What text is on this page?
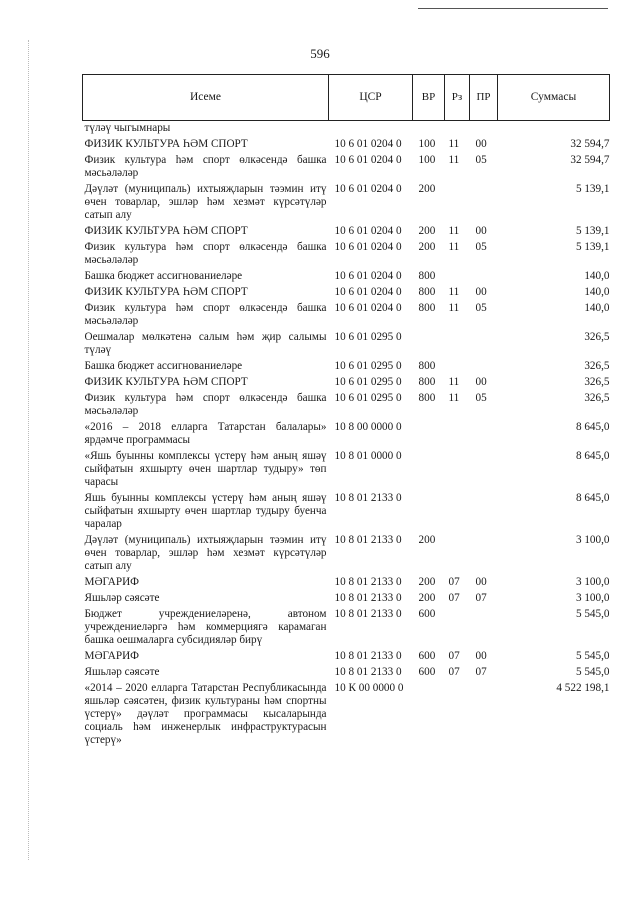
596
Исеме	ЦСР	ВР	Рз	ПР	Суммасы
түләү чыгымнары					
ФИЗИК КУЛЬТУРА ҺӘМ СПОРТ	10 6 01 0204 0	100	11	00	32 594,7
Физик культура һәм спорт өлкәсендә башка мәсьәләләр	10 6 01 0204 0	100	11	05	32 594,7
Дәүләт (муниципаль) ихтыяҗларын тәэмин итү өчен товарлар, эшләр һәм хезмәт күрсәтүләр сатып алу	10 6 01 0204 0	200			5 139,1
ФИЗИК КУЛЬТУРА ҺӘМ СПОРТ	10 6 01 0204 0	200	11	00	5 139,1
Физик культура һәм спорт өлкәсендә башка мәсьәләләр	10 6 01 0204 0	200	11	05	5 139,1
Башка бюджет ассигнованиеләре	10 6 01 0204 0	800			140,0
ФИЗИК КУЛЬТУРА ҺӘМ СПОРТ	10 6 01 0204 0	800	11	00	140,0
Физик культура һәм спорт өлкәсендә башка мәсьәләләр	10 6 01 0204 0	800	11	05	140,0
Оешмалар мөлкәтенә салым һәм җир салымы түләү	10 6 01 0295 0				326,5
Башка бюджет ассигнованиеләре	10 6 01 0295 0	800			326,5
ФИЗИК КУЛЬТУРА ҺӘМ СПОРТ	10 6 01 0295 0	800	11	00	326,5
Физик культура һәм спорт өлкәсендә башка мәсьәләләр	10 6 01 0295 0	800	11	05	326,5
«2016 – 2018 елларга Татарстан балалары» ярдәмче программасы	10 8 00 0000 0				8 645,0
«Яшь буынны комплексы үстерү һәм аның яшәү сыйфатын яхшырту өчен шартлар тудыру» төп чарасы	10 8 01 0000 0				8 645,0
Яшь буынны комплексы үстерү һәм аның яшәү сыйфатын яхшырту өчен шартлар тудыру буенча чаралар	10 8 01 2133 0				8 645,0
Дәүләт (муниципаль) ихтыяҗларын тәэмин итү өчен товарлар, эшләр һәм хезмәт күрсәтүләр сатып алу	10 8 01 2133 0	200			3 100,0
МӘГАРИФ	10 8 01 2133 0	200	07	00	3 100,0
Яшьләр сәясәте	10 8 01 2133 0	200	07	07	3 100,0
Бюджет учреждениеләренә, автоном учреждениеләргә һәм коммерциягә карамаган башка оешмаларга субсидияләр бирү	10 8 01 2133 0	600			5 545,0
МӘГАРИФ	10 8 01 2133 0	600	07	00	5 545,0
Яшьләр сәясәте	10 8 01 2133 0	600	07	07	5 545,0
«2014 – 2020 елларга Татарстан Республикасында яшьләр сәясәтен, физик культураны һәм спортны үстерү» дәүләт программасы кысаларында социаль һәм инженерлык инфраструктурасын үстерү»	10 К 00 0000 0				4 522 198,1
